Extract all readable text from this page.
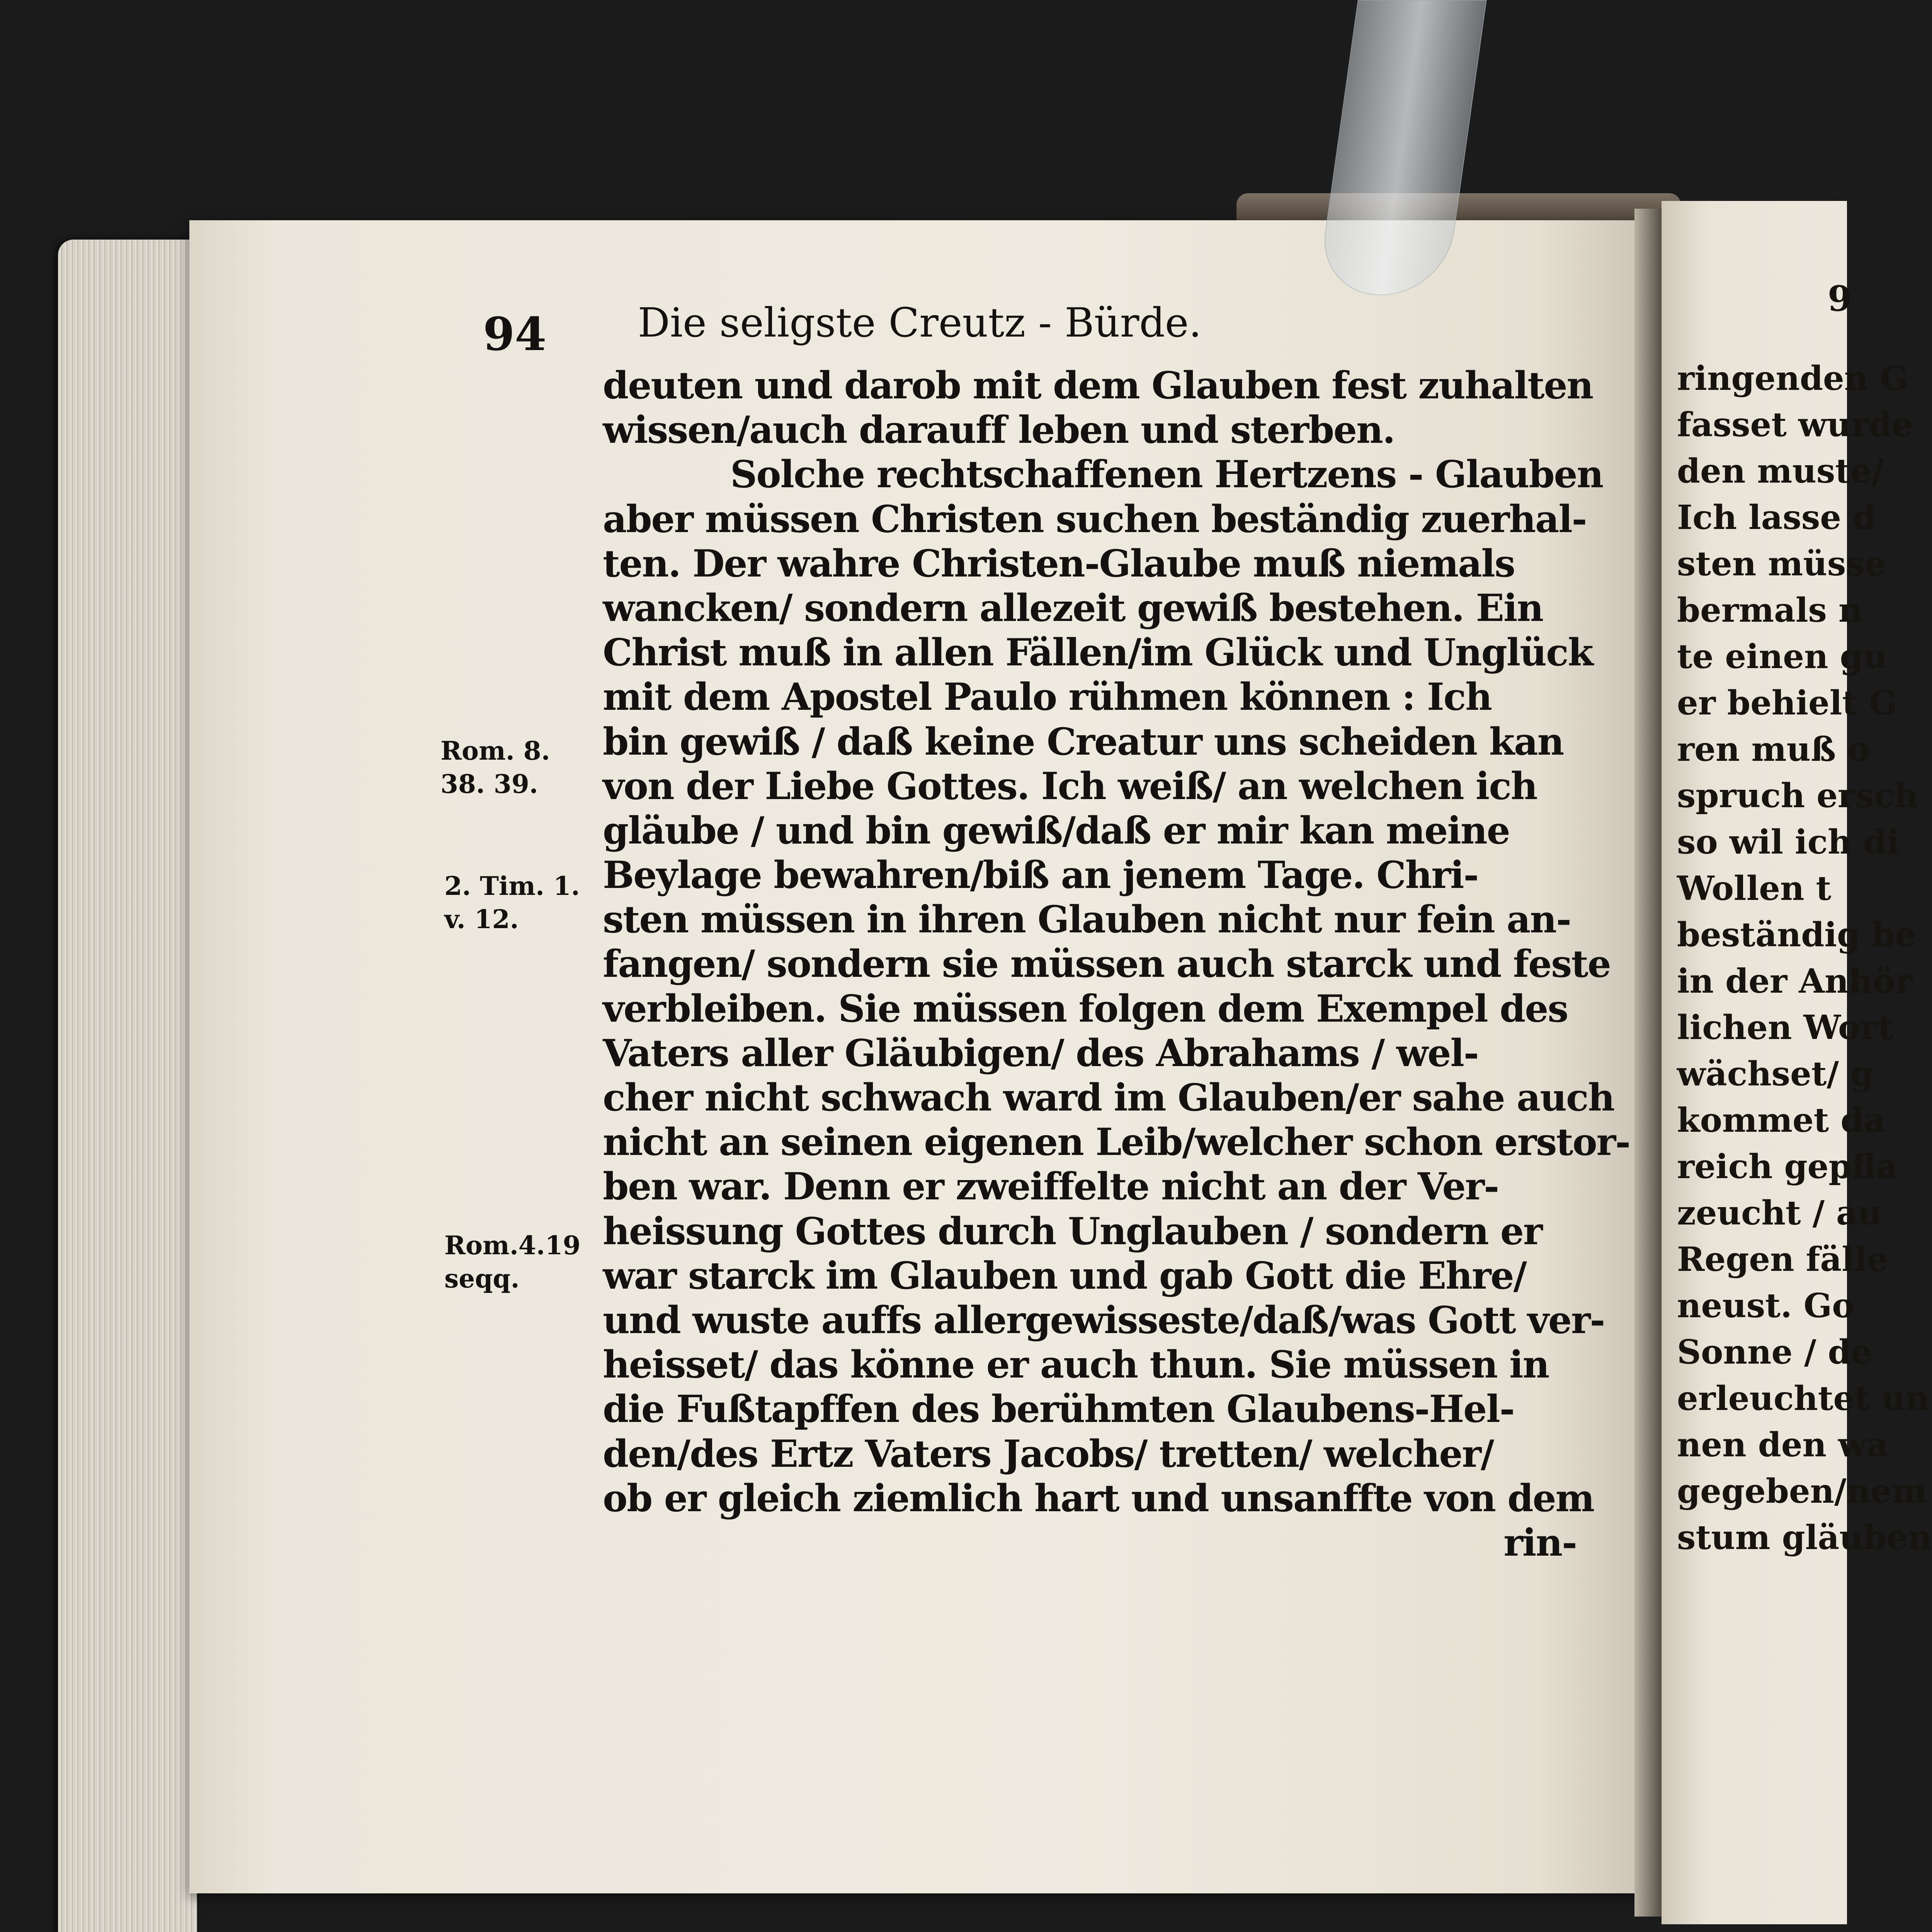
94	Die seligste Creutz - Bürde.
Rom. 8.
38. 39.
2. Tim. 1.
v. 12.
Rom.4.19
seqq.
deuten und darob mit dem Glauben fest zuhalten
wissen/auch darauff leben und sterben.
Solche rechtschaffenen Hertzens - Glauben
aber müssen Christen suchen beständig zuerhal-
ten. Der wahre Christen-Glaube muß niemals
wancken/ sondern allezeit gewiß bestehen. Ein
Christ muß in allen Fällen/im Glück und Unglück
mit dem Apostel Paulo rühmen können : Ich
bin gewiß / daß keine Creatur uns scheiden kan
von der Liebe Gottes. Ich weiß/ an welchen ich
gläube / und bin gewiß/daß er mir kan meine
Beylage bewahren/biß an jenem Tage. Chri-
sten müssen in ihren Glauben nicht nur fein an-
fangen/ sondern sie müssen auch starck und feste
verbleiben. Sie müssen folgen dem Exempel des
Vaters aller Gläubigen/ des Abrahams / wel-
cher nicht schwach ward im Glauben/er sahe auch
nicht an seinen eigenen Leib/welcher schon erstor-
ben war. Denn er zweiffelte nicht an der Ver-
heissung Gottes durch Unglauben / sondern er
war starck im Glauben und gab Gott die Ehre/
und wuste auffs allergewisseste/daß/was Gott ver-
heisset/ das könne er auch thun. Sie müssen in
die Fußtapffen des berühmten Glaubens-Hel-
den/des Ertz Vaters Jacobs/ tretten/ welcher/
ob er gleich ziemlich hart und unsanffte von dem
rin-
9
ringenden G
fasset wurde
den muste/
Ich lasse d
sten müsse
bermals n
te einen gu
er behielt G
ren muß o
spruch ersch
so wil ich di
Wollen t
beständig be
in der Anhör
lichen Wort
wächset/ g
kommet da
reich gepfla
zeucht / au
Regen fälle
neust. Go
Sonne / de
erleuchtet un
nen den wa
gegeben/nem
stum gläuben
